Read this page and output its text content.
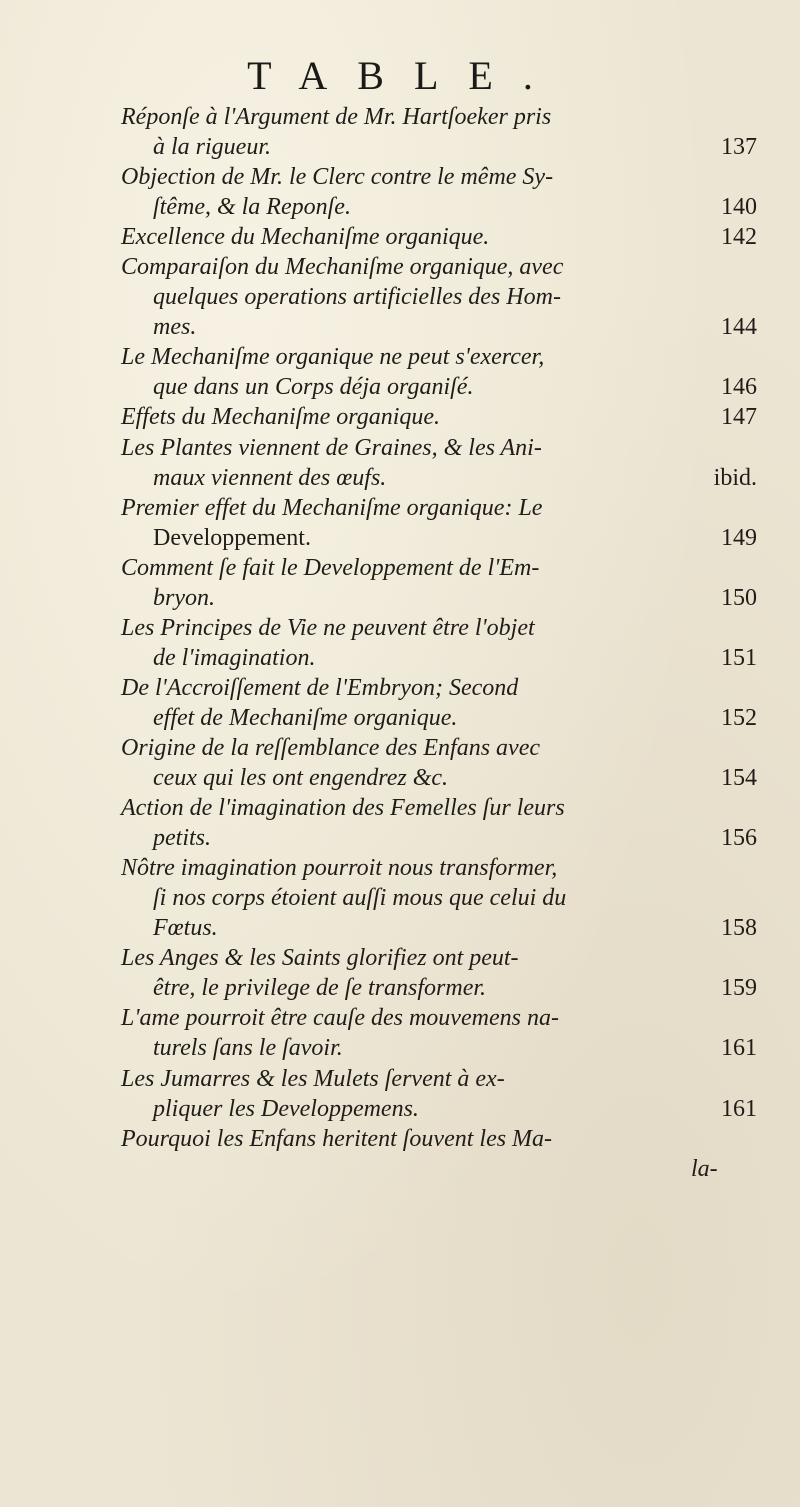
TABLE.
Réponſe à l'Argument de Mr. Hartſoeker pris
à la rigueur.	137
Objection de Mr. le Clerc contre le même Sy-
ſtême, & la Reponſe.	140
Excellence du Mechaniſme organique.	142
Comparaiſon du Mechaniſme organique, avec
quelques operations artificielles des Hom-
mes.	144
Le Mechaniſme organique ne peut s'exercer,
que dans un Corps déja organiſé.	146
Effets du Mechaniſme organique.	147
Les Plantes viennent de Graines, & les Ani-
maux viennent des œufs.	ibid.
Premier effet du Mechaniſme organique: Le
Developpement.	149
Comment ſe fait le Developpement de l'Em-
bryon.	150
Les Principes de Vie ne peuvent être l'objet
de l'imagination.	151
De l'Accroiſſement de l'Embryon; Second
effet de Mechaniſme organique.	152
Origine de la reſſemblance des Enfans avec
ceux qui les ont engendrez &c.	154
Action de l'imagination des Femelles ſur leurs
petits.	156
Nôtre imagination pourroit nous transformer,
ſi nos corps étoient auſſi mous que celui du
Fœtus.	158
Les Anges & les Saints glorifiez ont peut-
être, le privilege de ſe transformer.	159
L'ame pourroit être cauſe des mouvemens na-
turels ſans le ſavoir.	161
Les Jumarres & les Mulets ſervent à ex-
pliquer les Developpemens.	161
Pourquoi les Enfans heritent ſouvent les Ma-
la-
